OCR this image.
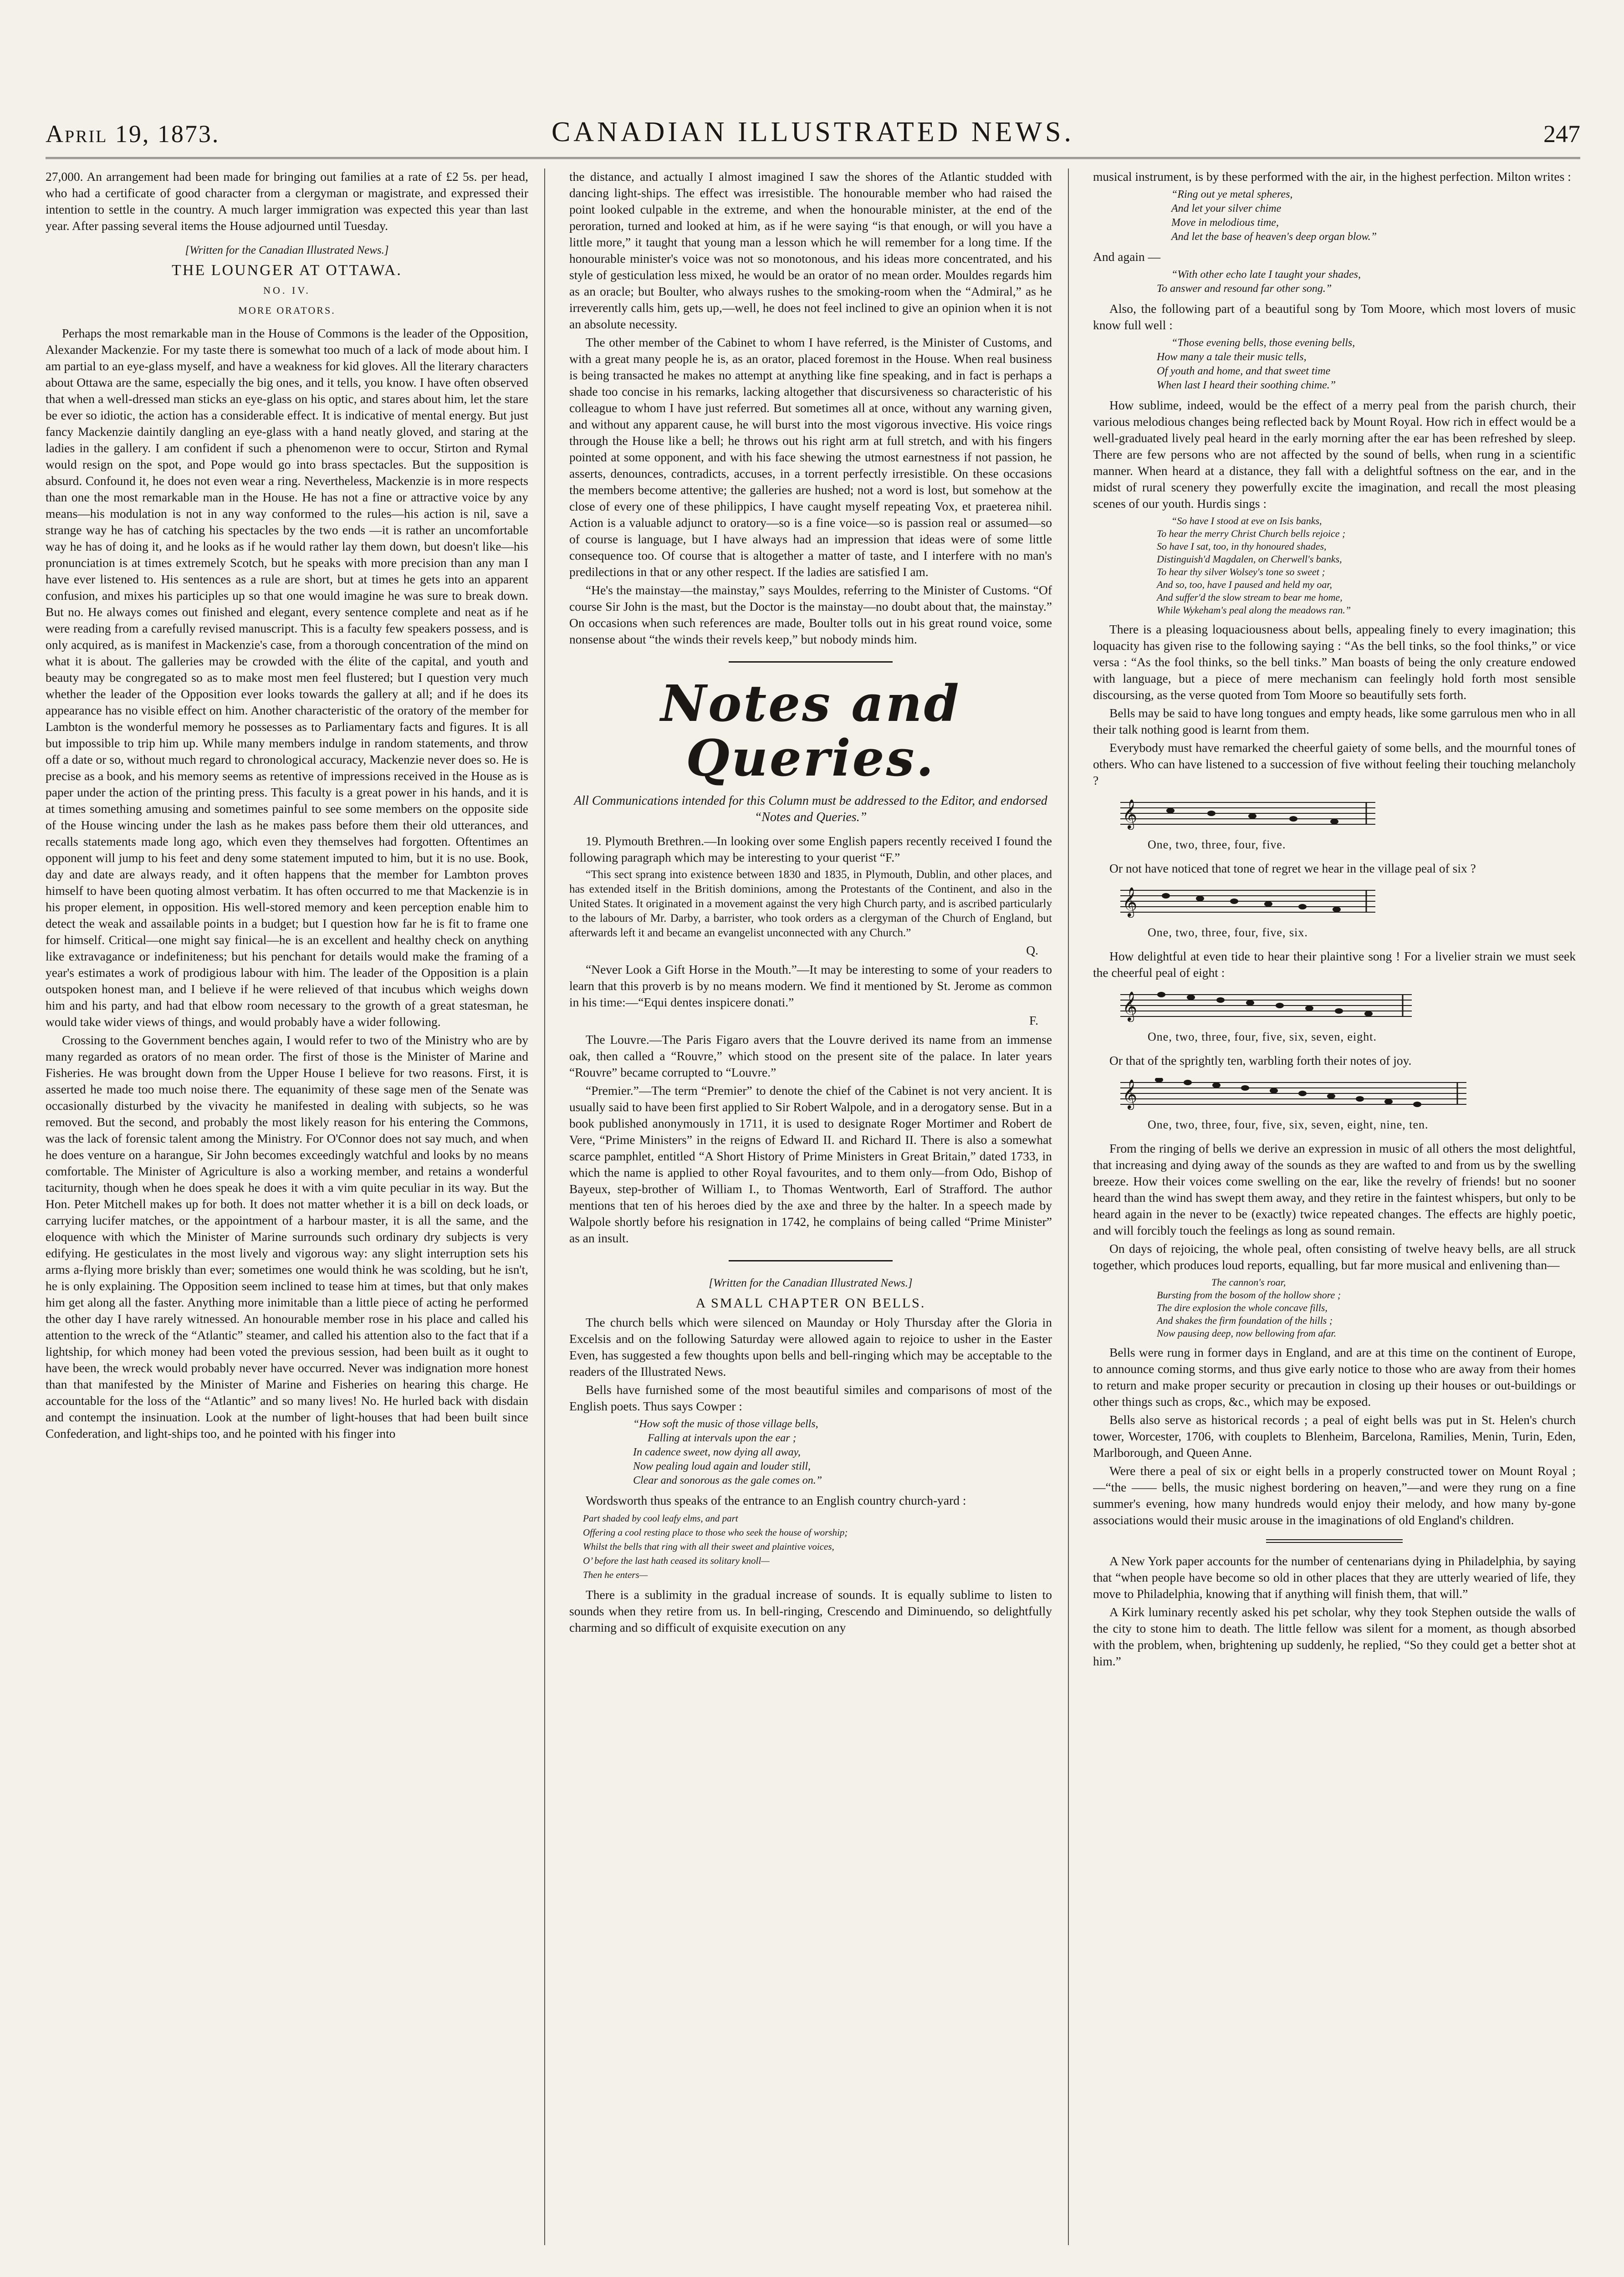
April 19, 1873.	CANADIAN ILLUSTRATED NEWS.	247

27,000. An arrangement had been made for bringing out families at a rate of £2 5s. per head, who had a certificate of good character from a clergyman or magistrate, and expressed their intention to settle in the country. A much larger immigration was expected this year than last year. After passing several items the House adjourned until Tuesday.

[Written for the Canadian Illustrated News.]
THE LOUNGER AT OTTAWA.
NO. IV.
MORE ORATORS.

Perhaps the most remarkable man in the House of Commons is the leader of the Opposition, Alexander Mackenzie. For my taste there is somewhat too much of a lack of mode about him. I am partial to an eye-glass myself, and have a weakness for kid gloves. All the literary characters about Ottawa are the same, especially the big ones, and it tells, you know. I have often observed that when a well-dressed man sticks an eye-glass on his optic, and stares about him, let the stare be ever so idiotic, the action has a considerable effect. It is indicative of mental energy. But just fancy Mackenzie daintily dangling an eye-glass with a hand neatly gloved, and staring at the ladies in the gallery. I am confident if such a phenomenon were to occur, Stirton and Rymal would resign on the spot, and Pope would go into brass spectacles. But the supposition is absurd. Confound it, he does not even wear a ring. Nevertheless, Mackenzie is in more respects than one the most remarkable man in the House. He has not a fine or attractive voice by any means—his modulation is not in any way conformed to the rules—his action is nil, save a strange way he has of catching his spectacles by the two ends —it is rather an uncomfortable way he has of doing it, and he looks as if he would rather lay them down, but doesn't like—his pronunciation is at times extremely Scotch, but he speaks with more precision than any man I have ever listened to. His sentences as a rule are short, but at times he gets into an apparent confusion, and mixes his participles up so that one would imagine he was sure to break down. But no. He always comes out finished and elegant, every sentence complete and neat as if he were reading from a carefully revised manuscript. This is a faculty few speakers possess, and is only acquired, as is manifest in Mackenzie's case, from a thorough concentration of the mind on what it is about. The galleries may be crowded with the élite of the capital, and youth and beauty may be congregated so as to make most men feel flustered; but I question very much whether the leader of the Opposition ever looks towards the gallery at all; and if he does its appearance has no visible effect on him. Another characteristic of the oratory of the member for Lambton is the wonderful memory he possesses as to Parliamentary facts and figures. It is all but impossible to trip him up. While many members indulge in random statements, and throw off a date or so, without much regard to chronological accuracy, Mackenzie never does so. He is precise as a book, and his memory seems as retentive of impressions received in the House as is paper under the action of the printing press. This faculty is a great power in his hands, and it is at times something amusing and sometimes painful to see some members on the opposite side of the House wincing under the lash as he makes pass before them their old utterances, and recalls statements made long ago, which even they themselves had forgotten. Oftentimes an opponent will jump to his feet and deny some statement imputed to him, but it is no use. Book, day and date are always ready, and it often happens that the member for Lambton proves himself to have been quoting almost verbatim. It has often occurred to me that Mackenzie is in his proper element, in opposition. His well-stored memory and keen perception enable him to detect the weak and assailable points in a budget; but I question how far he is fit to frame one for himself. Critical—one might say finical—he is an excellent and healthy check on anything like extravagance or indefiniteness; but his penchant for details would make the framing of a year's estimates a work of prodigious labour with him. The leader of the Opposition is a plain outspoken honest man, and I believe if he were relieved of that incubus which weighs down him and his party, and had that elbow room necessary to the growth of a great statesman, he would take wider views of things, and would probably have a wider following.

Crossing to the Government benches again, I would refer to two of the Ministry who are by many regarded as orators of no mean order. The first of those is the Minister of Marine and Fisheries. He was brought down from the Upper House I believe for two reasons. First, it is asserted he made too much noise there. The equanimity of these sage men of the Senate was occasionally disturbed by the vivacity he manifested in dealing with subjects, so he was removed. But the second, and probably the most likely reason for his entering the Commons, was the lack of forensic talent among the Ministry. For O'Connor does not say much, and when he does venture on a harangue, Sir John becomes exceedingly watchful and looks by no means comfortable. The Minister of Agriculture is also a working member, and retains a wonderful taciturnity, though when he does speak he does it with a vim quite peculiar in its way. But the Hon. Peter Mitchell makes up for both. It does not matter whether it is a bill on deck loads, or carrying lucifer matches, or the appointment of a harbour master, it is all the same, and the eloquence with which the Minister of Marine surrounds such ordinary dry subjects is very edifying. He gesticulates in the most lively and vigorous way: any slight interruption sets his arms a-flying more briskly than ever; sometimes one would think he was scolding, but he isn't, he is only explaining. The Opposition seem inclined to tease him at times, but that only makes him get along all the faster. Anything more inimitable than a little piece of acting he performed the other day I have rarely witnessed. An honourable member rose in his place and called his attention to the wreck of the “Atlantic” steamer, and called his attention also to the fact that if a lightship, for which money had been voted the previous session, had been built as it ought to have been, the wreck would probably never have occurred. Never was indignation more honest than that manifested by the Minister of Marine and Fisheries on hearing this charge. He accountable for the loss of the “Atlantic” and so many lives! No. He hurled back with disdain and contempt the insinuation. Look at the number of light-houses that had been built since Confederation, and light-ships too, and he pointed with his finger into

the distance, and actually I almost imagined I saw the shores of the Atlantic studded with dancing light-ships. The effect was irresistible. The honourable member who had raised the point looked culpable in the extreme, and when the honourable minister, at the end of the peroration, turned and looked at him, as if he were saying “is that enough, or will you have a little more,” it taught that young man a lesson which he will remember for a long time. If the honourable minister's voice was not so monotonous, and his ideas more concentrated, and his style of gesticulation less mixed, he would be an orator of no mean order. Mouldes regards him as an oracle; but Boulter, who always rushes to the smoking-room when the “Admiral,” as he irreverently calls him, gets up,—well, he does not feel inclined to give an opinion when it is not an absolute necessity.

The other member of the Cabinet to whom I have referred, is the Minister of Customs, and with a great many people he is, as an orator, placed foremost in the House. When real business is being transacted he makes no attempt at anything like fine speaking, and in fact is perhaps a shade too concise in his remarks, lacking altogether that discursiveness so characteristic of his colleague to whom I have just referred. But sometimes all at once, without any warning given, and without any apparent cause, he will burst into the most vigorous invective. His voice rings through the House like a bell; he throws out his right arm at full stretch, and with his fingers pointed at some opponent, and with his face shewing the utmost earnestness if not passion, he asserts, denounces, contradicts, accuses, in a torrent perfectly irresistible. On these occasions the members become attentive; the galleries are hushed; not a word is lost, but somehow at the close of every one of these philippics, I have caught myself repeating Vox, et praeterea nihil. Action is a valuable adjunct to oratory—so is a fine voice—so is passion real or assumed—so of course is language, but I have always had an impression that ideas were of some little consequence too. Of course that is altogether a matter of taste, and I interfere with no man's predilections in that or any other respect. If the ladies are satisfied I am.

“He's the mainstay—the mainstay,” says Mouldes, referring to the Minister of Customs. “Of course Sir John is the mast, but the Doctor is the mainstay—no doubt about that, the mainstay.” On occasions when such references are made, Boulter tolls out in his great round voice, some nonsense about “the winds their revels keep,” but nobody minds him.

Notes and Queries.
All Communications intended for this Column must be addressed to the Editor, and endorsed “Notes and Queries.”

19. Plymouth Brethren.—In looking over some English papers recently received I found the following paragraph which may be interesting to your querist “F.”

“This sect sprang into existence between 1830 and 1835, in Plymouth, Dublin, and other places, and has extended itself in the British dominions, among the Protestants of the Continent, and also in the United States. It originated in a movement against the very high Church party, and is ascribed particularly to the labours of Mr. Darby, a barrister, who took orders as a clergyman of the Church of England, but afterwards left it and became an evangelist unconnected with any Church.”

Q.

“Never Look a Gift Horse in the Mouth.”—It may be interesting to some of your readers to learn that this proverb is by no means modern. We find it mentioned by St. Jerome as common in his time:—“Equi dentes inspicere donati.”

F.

The Louvre.—The Paris Figaro avers that the Louvre derived its name from an immense oak, then called a “Rouvre,” which stood on the present site of the palace. In later years “Rouvre” became corrupted to “Louvre.”

“Premier.”—The term “Premier” to denote the chief of the Cabinet is not very ancient. It is usually said to have been first applied to Sir Robert Walpole, and in a derogatory sense. But in a book published anonymously in 1711, it is used to designate Roger Mortimer and Robert de Vere, “Prime Ministers” in the reigns of Edward II. and Richard II. There is also a somewhat scarce pamphlet, entitled “A Short History of Prime Ministers in Great Britain,” dated 1733, in which the name is applied to other Royal favourites, and to them only—from Odo, Bishop of Bayeux, step-brother of William I., to Thomas Wentworth, Earl of Strafford. The author mentions that ten of his heroes died by the axe and three by the halter. In a speech made by Walpole shortly before his resignation in 1742, he complains of being called “Prime Minister” as an insult.

[Written for the Canadian Illustrated News.]
A SMALL CHAPTER ON BELLS.

The church bells which were silenced on Maunday or Holy Thursday after the Gloria in Excelsis and on the following Saturday were allowed again to rejoice to usher in the Easter Even, has suggested a few thoughts upon bells and bell-ringing which may be acceptable to the readers of the Illustrated News.

Bells have furnished some of the most beautiful similes and comparisons of most of the English poets. Thus says Cowper :

“How soft the music of those village bells,
Falling at intervals upon the ear ;
In cadence sweet, now dying all away,
Now pealing loud again and louder still,
Clear and sonorous as the gale comes on.”

Wordsworth thus speaks of the entrance to an English country church-yard :

Part shaded by cool leafy elms, and part
Offering a cool resting place to those who seek the house of worship;
Whilst the bells that ring with all their sweet and plaintive voices,
O’ before the last hath ceased its solitary knoll—
Then he enters—

There is a sublimity in the gradual increase of sounds. It is equally sublime to listen to sounds when they retire from us. In bell-ringing, Crescendo and Diminuendo, so delightfully charming and so difficult of exquisite execution on any

musical instrument, is by these performed with the air, in the highest perfection. Milton writes :

“Ring out ye metal spheres,
And let your silver chime
Move in melodious time,
And let the base of heaven's deep organ blow.”

And again —

“With other echo late I taught your shades,
To answer and resound far other song.”

Also, the following part of a beautiful song by Tom Moore, which most lovers of music know full well :

“Those evening bells, those evening bells,
How many a tale their music tells,
Of youth and home, and that sweet time
When last I heard their soothing chime.”

How sublime, indeed, would be the effect of a merry peal from the parish church, their various melodious changes being reflected back by Mount Royal. How rich in effect would be a well-graduated lively peal heard in the early morning after the ear has been refreshed by sleep. There are few persons who are not affected by the sound of bells, when rung in a scientific manner. When heard at a distance, they fall with a delightful softness on the ear, and in the midst of rural scenery they powerfully excite the imagination, and recall the most pleasing scenes of our youth. Hurdis sings :

“So have I stood at eve on Isis banks,
To hear the merry Christ Church bells rejoice ;
So have I sat, too, in thy honoured shades,
Distinguish'd Magdalen, on Cherwell's banks,
To hear thy silver Wolsey's tone so sweet ;
And so, too, have I paused and held my oar,
And suffer'd the slow stream to bear me home,
While Wykeham's peal along the meadows ran.”

There is a pleasing loquaciousness about bells, appealing finely to every imagination; this loquacity has given rise to the following saying : “As the bell tinks, so the fool thinks,” or vice versa : “As the fool thinks, so the bell tinks.” Man boasts of being the only creature endowed with language, but a piece of mere mechanism can feelingly hold forth most sensible discoursing, as the verse quoted from Tom Moore so beautifully sets forth.

Bells may be said to have long tongues and empty heads, like some garrulous men who in all their talk nothing good is learnt from them.

Everybody must have remarked the cheerful gaiety of some bells, and the mournful tones of others. Who can have listened to a succession of five without feeling their touching melancholy ?

𝄞
One, two, three, four, five.

Or not have noticed that tone of regret we hear in the village peal of six ?

𝄞
One, two, three, four, five, six.

How delightful at even tide to hear their plaintive song ! For a livelier strain we must seek the cheerful peal of eight :

𝄞
One, two, three, four, five, six, seven, eight.

Or that of the sprightly ten, warbling forth their notes of joy.

𝄞
One, two, three, four, five, six, seven, eight, nine, ten.

From the ringing of bells we derive an expression in music of all others the most delightful, that increasing and dying away of the sounds as they are wafted to and from us by the swelling breeze. How their voices come swelling on the ear, like the revelry of friends! but no sooner heard than the wind has swept them away, and they retire in the faintest whispers, but only to be heard again in the never to be (exactly) twice repeated changes. The effects are highly poetic, and will forcibly touch the feelings as long as sound remain.

On days of rejoicing, the whole peal, often consisting of twelve heavy bells, are all struck together, which produces loud reports, equalling, but far more musical and enlivening than—

The cannon's roar,
Bursting from the bosom of the hollow shore ;
The dire explosion the whole concave fills,
And shakes the firm foundation of the hills ;
Now pausing deep, now bellowing from afar.

Bells were rung in former days in England, and are at this time on the continent of Europe, to announce coming storms, and thus give early notice to those who are away from their homes to return and make proper security or precaution in closing up their houses or out-buildings or other things such as crops, &c., which may be exposed.

Bells also serve as historical records ; a peal of eight bells was put in St. Helen's church tower, Worcester, 1706, with couplets to Blenheim, Barcelona, Ramilies, Menin, Turin, Eden, Marlborough, and Queen Anne.

Were there a peal of six or eight bells in a properly constructed tower on Mount Royal ;—“the —— bells, the music nighest bordering on heaven,”—and were they rung on a fine summer's evening, how many hundreds would enjoy their melody, and how many by-gone associations would their music arouse in the imaginations of old England's children.

A New York paper accounts for the number of centenarians dying in Philadelphia, by saying that “when people have become so old in other places that they are utterly wearied of life, they move to Philadelphia, knowing that if anything will finish them, that will.”

A Kirk luminary recently asked his pet scholar, why they took Stephen outside the walls of the city to stone him to death. The little fellow was silent for a moment, as though absorbed with the problem, when, brightening up suddenly, he replied, “So they could get a better shot at him.”
